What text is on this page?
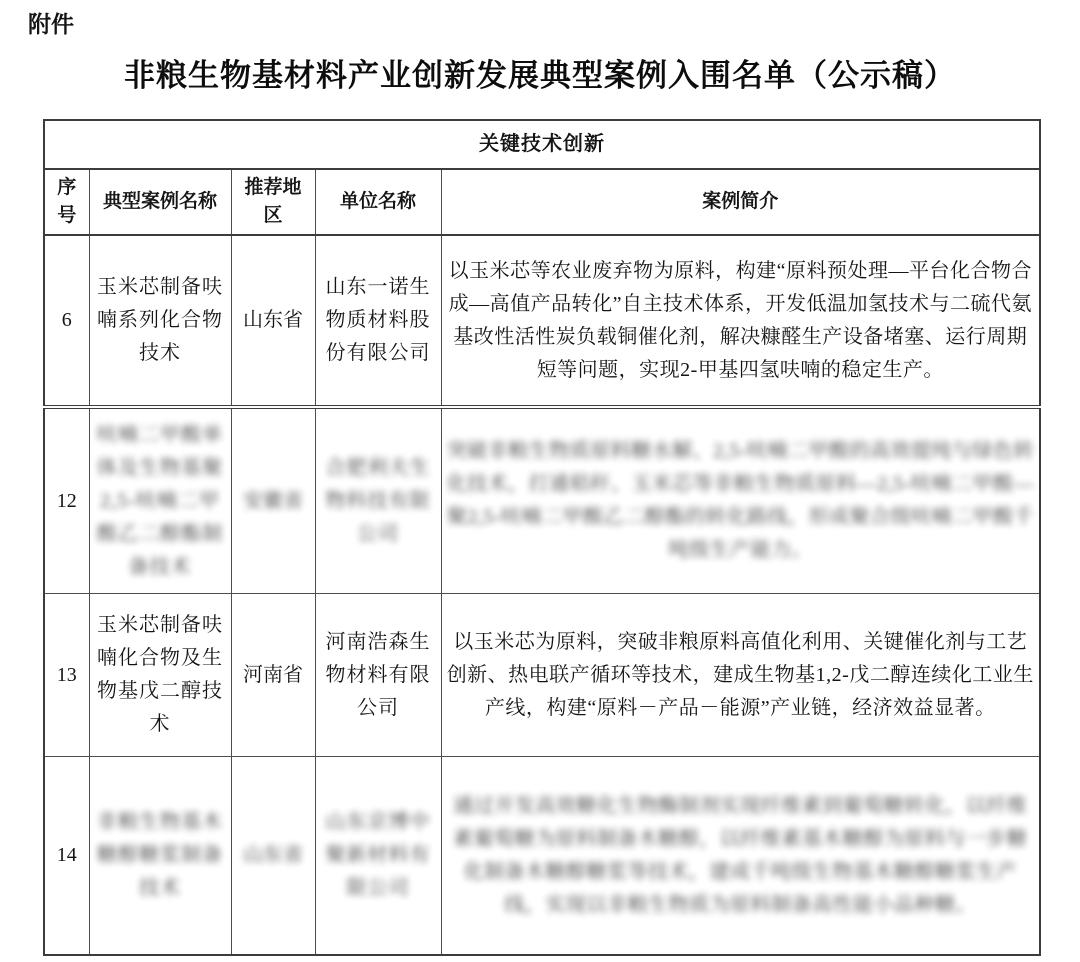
附件
非粮生物基材料产业创新发展典型案例入围名单（公示稿）
关键技术创新				
序号	典型案例名称	推荐地区	单位名称	案例简介
6	玉米芯制备呋喃系列化合物技术	山东省	山东一诺生物质材料股份有限公司	以玉米芯等农业废弃物为原料，构建“原料预处理—平台化合物合成—高值产品转化”自主技术体系，开发低温加氢技术与二硫代氨基改性活性炭负载铜催化剂，解决糠醛生产设备堵塞、运行周期短等问题，实现2-甲基四氢呋喃的稳定生产。
12	呋喃二甲酸单体及生物基聚2,5-呋喃二甲酸乙二醇酯制备技术	安徽省	合肥利夫生物科技有限公司	突破非粮生物质原料糖水解、2,5-呋喃二甲酸的高效提纯与绿色转化技术，打通秸秆、玉米芯等非粮生物质原料—2,5-呋喃二甲酸—聚2,5-呋喃二甲酸乙二醇酯的转化路线，形成聚合级呋喃二甲酸千吨级生产能力。
13	玉米芯制备呋喃化合物及生物基戊二醇技术	河南省	河南浩森生物材料有限公司	以玉米芯为原料，突破非粮原料高值化利用、关键催化剂与工艺创新、热电联产循环等技术，建成生物基1,2-戊二醇连续化工业生产线，构建“原料－产品－能源”产业链，经济效益显著。
14	非粮生物基木糖醇糖浆制备技术	山东省	山东京博中聚新材料有限公司	通过开发高效糖化生物酶制剂实现纤维素到葡萄糖转化，以纤维素葡萄糖为原料制备木糖醇，以纤维素基木糖醇为原料与一步糖化制备木糖醇糖浆等技术，建成千吨级生物基木糖醇糖浆生产线，实现以非粮生物质为原料制备高性能小品种糖。
